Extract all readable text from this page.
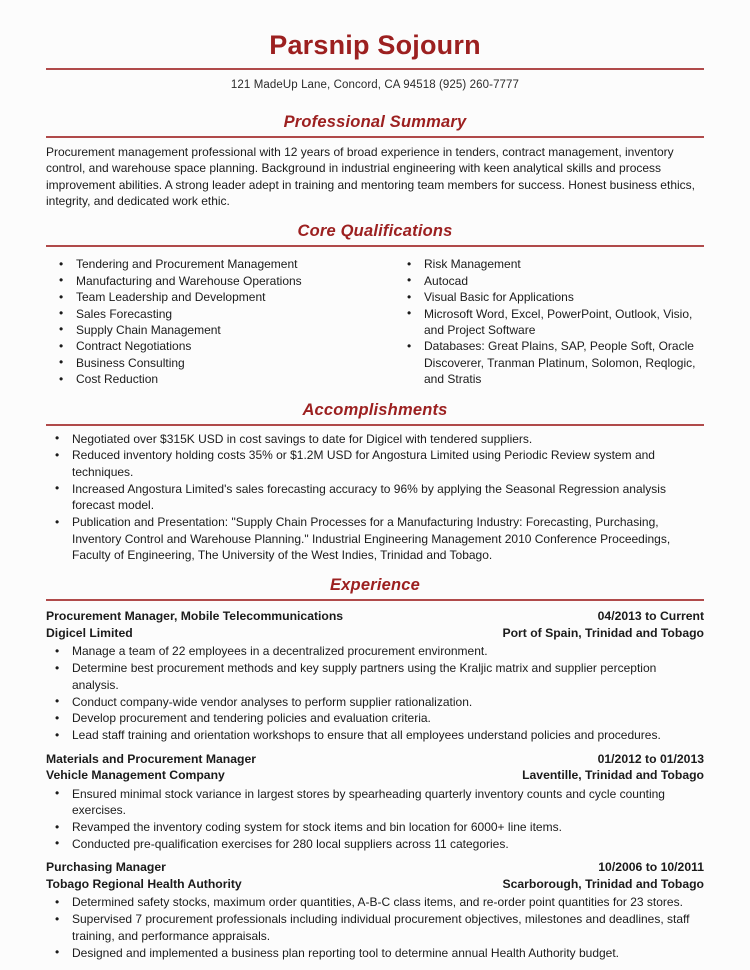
Parsnip Sojourn
121 MadeUp Lane, Concord, CA 94518 (925) 260-7777
Professional Summary
Procurement management professional with 12 years of broad experience in tenders, contract management, inventory control, and warehouse space planning. Background in industrial engineering with keen analytical skills and process improvement abilities. A strong leader adept in training and mentoring team members for success. Honest business ethics, integrity, and dedicated work ethic.
Core Qualifications
• Tendering and Procurement Management
• Manufacturing and Warehouse Operations
• Team Leadership and Development
• Sales Forecasting
• Supply Chain Management
• Contract Negotiations
• Business Consulting
• Cost Reduction
• Risk Management
• Autocad
• Visual Basic for Applications
• Microsoft Word, Excel, PowerPoint, Outlook, Visio, and Project Software
• Databases: Great Plains, SAP, People Soft, Oracle Discoverer, Tranman Platinum, Solomon, Reqlogic, and Stratis
Accomplishments
• Negotiated over $315K USD in cost savings to date for Digicel with tendered suppliers.
• Reduced inventory holding costs 35% or $1.2M USD for Angostura Limited using Periodic Review system and techniques.
• Increased Angostura Limited's sales forecasting accuracy to 96% by applying the Seasonal Regression analysis forecast model.
• Publication and Presentation: "Supply Chain Processes for a Manufacturing Industry: Forecasting, Purchasing, Inventory Control and Warehouse Planning." Industrial Engineering Management 2010 Conference Proceedings, Faculty of Engineering, The University of the West Indies, Trinidad and Tobago.
Experience
Procurement Manager, Mobile Telecommunications	04/2013 to Current
Digicel Limited	Port of Spain, Trinidad and Tobago
• Manage a team of 22 employees in a decentralized procurement environment.
• Determine best procurement methods and key supply partners using the Kraljic matrix and supplier perception analysis.
• Conduct company-wide vendor analyses to perform supplier rationalization.
• Develop procurement and tendering policies and evaluation criteria.
• Lead staff training and orientation workshops to ensure that all employees understand policies and procedures.
Materials and Procurement Manager	01/2012 to 01/2013
Vehicle Management Company	Laventille, Trinidad and Tobago
• Ensured minimal stock variance in largest stores by spearheading quarterly inventory counts and cycle counting exercises.
• Revamped the inventory coding system for stock items and bin location for 6000+ line items.
• Conducted pre-qualification exercises for 280 local suppliers across 11 categories.
Purchasing Manager	10/2006 to 10/2011
Tobago Regional Health Authority	Scarborough, Trinidad and Tobago
• Determined safety stocks, maximum order quantities, A-B-C class items, and re-order point quantities for 23 stores.
• Supervised 7 procurement professionals including individual procurement objectives, milestones and deadlines, staff training, and performance appraisals.
• Designed and implemented a business plan reporting tool to determine annual Health Authority budget.
